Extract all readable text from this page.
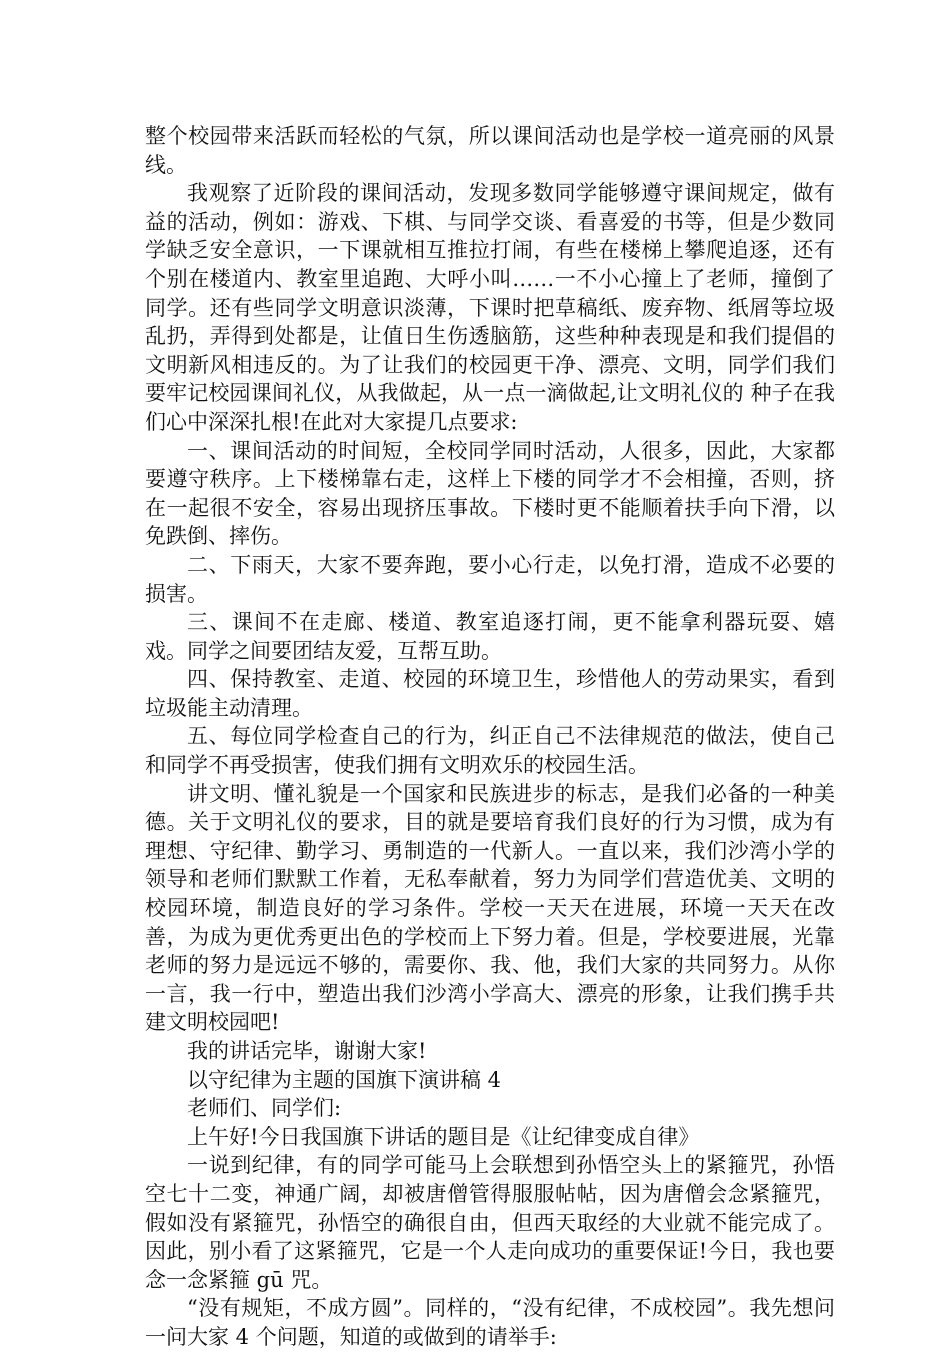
整个校园带来活跃而轻松的气氛，所以课间活动也是学校一道亮丽的风景线。

我观察了近阶段的课间活动，发现多数同学能够遵守课间规定，做有益的活动，例如：游戏、下棋、与同学交谈、看喜爱的书等，但是少数同学缺乏安全意识，一下课就相互推拉打闹，有些在楼梯上攀爬追逐，还有个别在楼道内、教室里追跑、大呼小叫……一不小心撞上了老师，撞倒了同学。还有些同学文明意识淡薄，下课时把草稿纸、废弃物、纸屑等垃圾乱扔，弄得到处都是，让值日生伤透脑筋，这些种种表现是和我们提倡的文明新风相违反的。为了让我们的校园更干净、漂亮、文明，同学们我们要牢记校园课间礼仪，从我做起，从一点一滴做起,让文明礼仪的 种子在我们心中深深扎根!在此对大家提几点要求:

一、课间活动的时间短，全校同学同时活动，人很多，因此，大家都要遵守秩序。上下楼梯靠右走，这样上下楼的同学才不会相撞，否则，挤在一起很不安全，容易出现挤压事故。下楼时更不能顺着扶手向下滑，以免跌倒、摔伤。

二、下雨天，大家不要奔跑，要小心行走，以免打滑，造成不必要的损害。

三、课间不在走廊、楼道、教室追逐打闹，更不能拿利器玩耍、嬉戏。同学之间要团结友爱，互帮互助。

四、保持教室、走道、校园的环境卫生，珍惜他人的劳动果实，看到垃圾能主动清理。

五、每位同学检查自己的行为，纠正自己不法律规范的做法，使自己和同学不再受损害，使我们拥有文明欢乐的校园生活。

讲文明、懂礼貌是一个国家和民族进步的标志，是我们必备的一种美德。关于文明礼仪的要求，目的就是要培育我们良好的行为习惯，成为有理想、守纪律、勤学习、勇制造的一代新人。一直以来，我们沙湾小学的领导和老师们默默工作着，无私奉献着，努力为同学们营造优美、文明的校园环境，制造良好的学习条件。学校一天天在进展，环境一天天在改善，为成为更优秀更出色的学校而上下努力着。但是，学校要进展，光靠老师的努力是远远不够的，需要你、我、他，我们大家的共同努力。从你一言，我一行中，塑造出我们沙湾小学高大、漂亮的形象，让我们携手共建文明校园吧!

我的讲话完毕，谢谢大家!

以守纪律为主题的国旗下演讲稿 4

老师们、同学们:

上午好!今日我国旗下讲话的题目是《让纪律变成自律》

一说到纪律，有的同学可能马上会联想到孙悟空头上的紧箍咒，孙悟空七十二变，神通广阔，却被唐僧管得服服帖帖，因为唐僧会念紧箍咒，假如没有紧箍咒，孙悟空的确很自由，但西天取经的大业就不能完成了。因此，别小看了这紧箍咒，它是一个人走向成功的重要保证!今日，我也要念一念紧箍 gū 咒。

“没有规矩，不成方圆”。同样的，“没有纪律，不成校园”。我先想问一问大家 4 个问题，知道的或做到的请举手:
